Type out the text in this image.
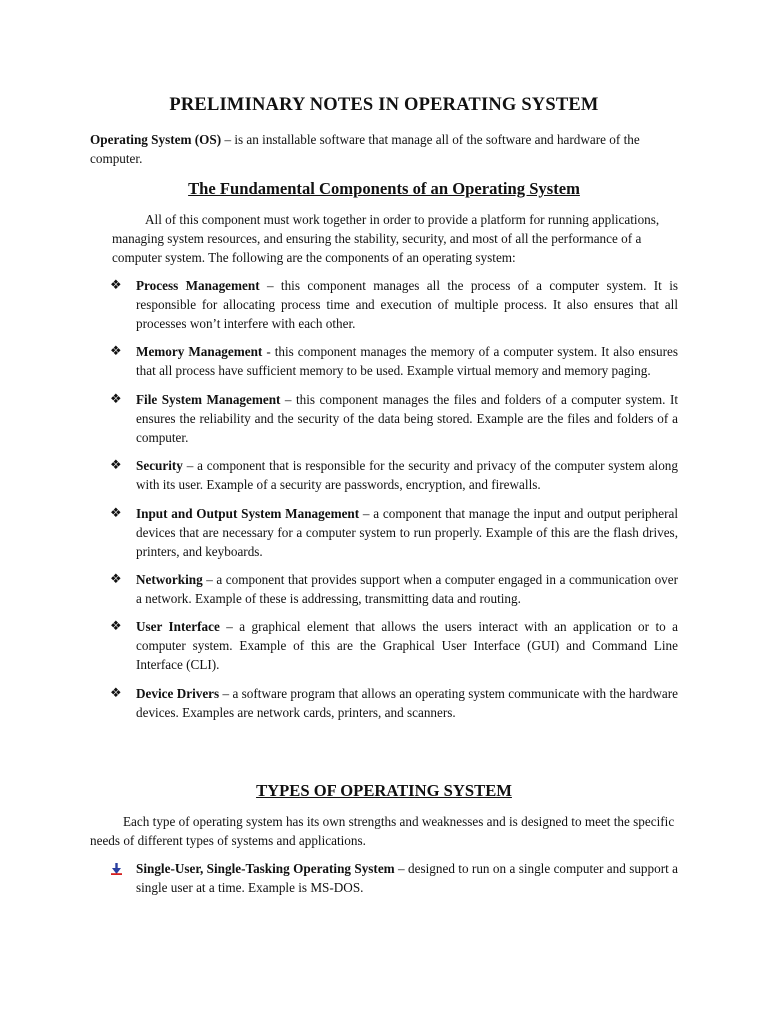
PRELIMINARY NOTES IN OPERATING SYSTEM

Operating System (OS) – is an installable software that manage all of the software and hardware of the computer.

The Fundamental Components of an Operating System

All of this component must work together in order to provide a platform for running applications, managing system resources, and ensuring the stability, security, and most of all the performance of a computer system. The following are the components of an operating system:

❖ Process Management – this component manages all the process of a computer system. It is responsible for allocating process time and execution of multiple process. It also ensures that all processes won’t interfere with each other.
❖ Memory Management - this component manages the memory of a computer system. It also ensures that all process have sufficient memory to be used. Example virtual memory and memory paging.
❖ File System Management – this component manages the files and folders of a computer system. It ensures the reliability and the security of the data being stored. Example are the files and folders of a computer.
❖ Security – a component that is responsible for the security and privacy of the computer system along with its user. Example of a security are passwords, encryption, and firewalls.
❖ Input and Output System Management – a component that manage the input and output peripheral devices that are necessary for a computer system to run properly. Example of this are the flash drives, printers, and keyboards.
❖ Networking – a component that provides support when a computer engaged in a communication over a network. Example of these is addressing, transmitting data and routing.
❖ User Interface – a graphical element that allows the users interact with an application or to a computer system. Example of this are the Graphical User Interface (GUI) and Command Line Interface (CLI).
❖ Device Drivers – a software program that allows an operating system communicate with the hardware devices. Examples are network cards, printers, and scanners.
TYPES OF OPERATING SYSTEM

Each type of operating system has its own strengths and weaknesses and is designed to meet the specific needs of different types of systems and applications.

Single-User, Single-Tasking Operating System – designed to run on a single computer and support a single user at a time. Example is MS-DOS.
